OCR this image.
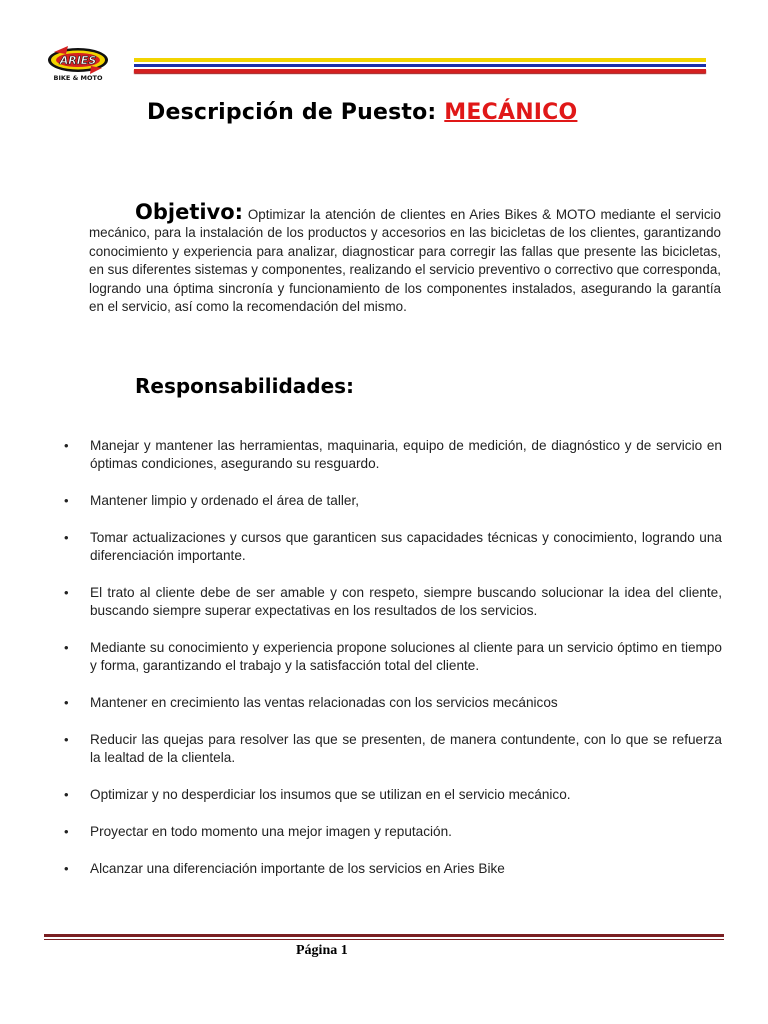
ARIES
BIKE & MOTO
Descripción de Puesto: MECÁNICO
Objetivo: Optimizar la atención de clientes en Aries Bikes & MOTO mediante el servicio mecánico, para la instalación de los productos y accesorios en las bicicletas de los clientes, garantizando conocimiento y experiencia para analizar, diagnosticar para corregir las fallas que presente las bicicletas, en sus diferentes sistemas y componentes, realizando el servicio preventivo o correctivo que corresponda, logrando una óptima sincronía y funcionamiento de los componentes instalados, asegurando la garantía en el servicio, así como la recomendación del mismo.
Responsabilidades:
• Manejar y mantener las herramientas, maquinaria, equipo de medición, de diagnóstico y de servicio en óptimas condiciones, asegurando su resguardo.
• Mantener limpio y ordenado el área de taller,
• Tomar actualizaciones y cursos que garanticen sus capacidades técnicas y conocimiento, logrando una diferenciación importante.
• El trato al cliente debe de ser amable y con respeto, siempre buscando solucionar la idea del cliente, buscando siempre superar expectativas en los resultados de los servicios.
• Mediante su conocimiento y experiencia propone soluciones al cliente para un servicio óptimo en tiempo y forma, garantizando el trabajo y la satisfacción total del cliente.
• Mantener en crecimiento las ventas relacionadas con los servicios mecánicos
• Reducir las quejas para resolver las que se presenten, de manera contundente, con lo que se refuerza la lealtad de la clientela.
• Optimizar y no desperdiciar los insumos que se utilizan en el servicio mecánico.
• Proyectar en todo momento una mejor imagen y reputación.
• Alcanzar una diferenciación importante de los servicios en Aries Bike
Página 1
